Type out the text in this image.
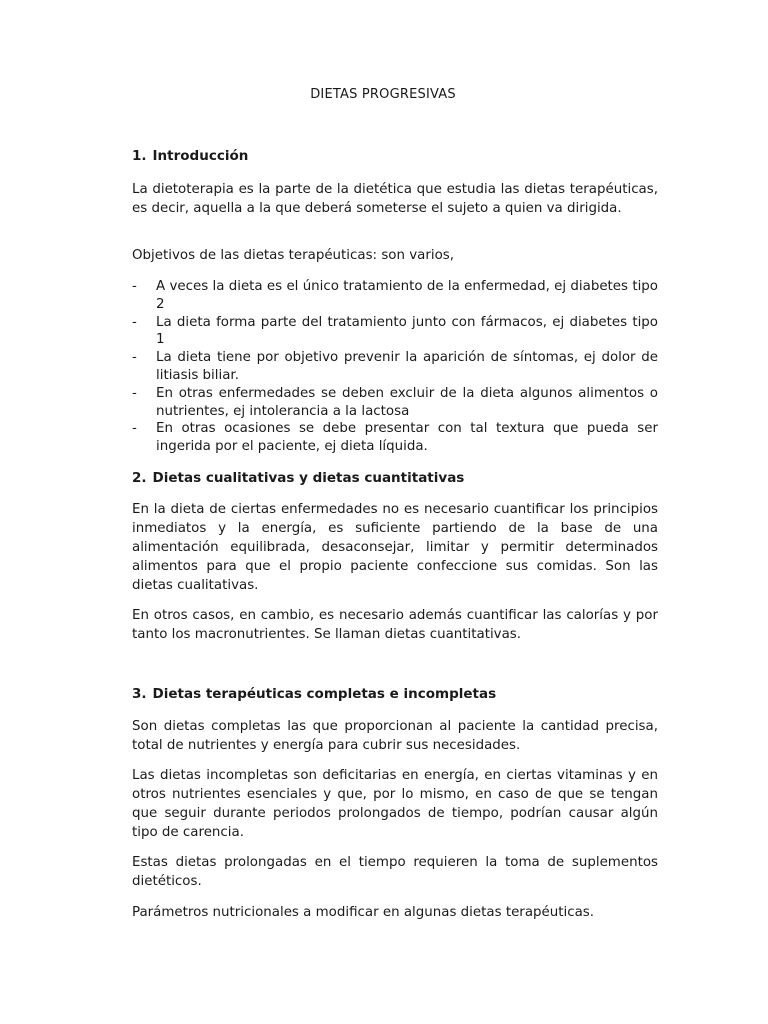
DIETAS PROGRESIVAS
1. Introducción

La dietoterapia es la parte de la dietética que estudia las dietas terapéuticas, es decir, aquella a la que deberá someterse el sujeto a quien va dirigida.

Objetivos de las dietas terapéuticas: son varios,

- A veces la dieta es el único tratamiento de la enfermedad, ej diabetes tipo 2
- La dieta forma parte del tratamiento junto con fármacos, ej diabetes tipo 1
- La dieta tiene por objetivo prevenir la aparición de síntomas, ej dolor de litiasis biliar.
- En otras enfermedades se deben excluir de la dieta algunos alimentos o nutrientes, ej intolerancia a la lactosa
- En otras ocasiones se debe presentar con tal textura que pueda ser ingerida por el paciente, ej dieta líquida.
2. Dietas cualitativas y dietas cuantitativas

En la dieta de ciertas enfermedades no es necesario cuantificar los principios inmediatos y la energía, es suficiente partiendo de la base de una alimentación equilibrada, desaconsejar, limitar y permitir determinados alimentos para que el propio paciente confeccione sus comidas. Son las dietas cualitativas.

En otros casos, en cambio, es necesario además cuantificar las calorías y por tanto los macronutrientes. Se llaman dietas cuantitativas.

3. Dietas terapéuticas completas e incompletas

Son dietas completas las que proporcionan al paciente la cantidad precisa, total de nutrientes y energía para cubrir sus necesidades.

Las dietas incompletas son deficitarias en energía, en ciertas vitaminas y en otros nutrientes esenciales y que, por lo mismo, en caso de que se tengan que seguir durante periodos prolongados de tiempo, podrían causar algún tipo de carencia.

Estas dietas prolongadas en el tiempo requieren la toma de suplementos dietéticos.

Parámetros nutricionales a modificar en algunas dietas terapéuticas.
